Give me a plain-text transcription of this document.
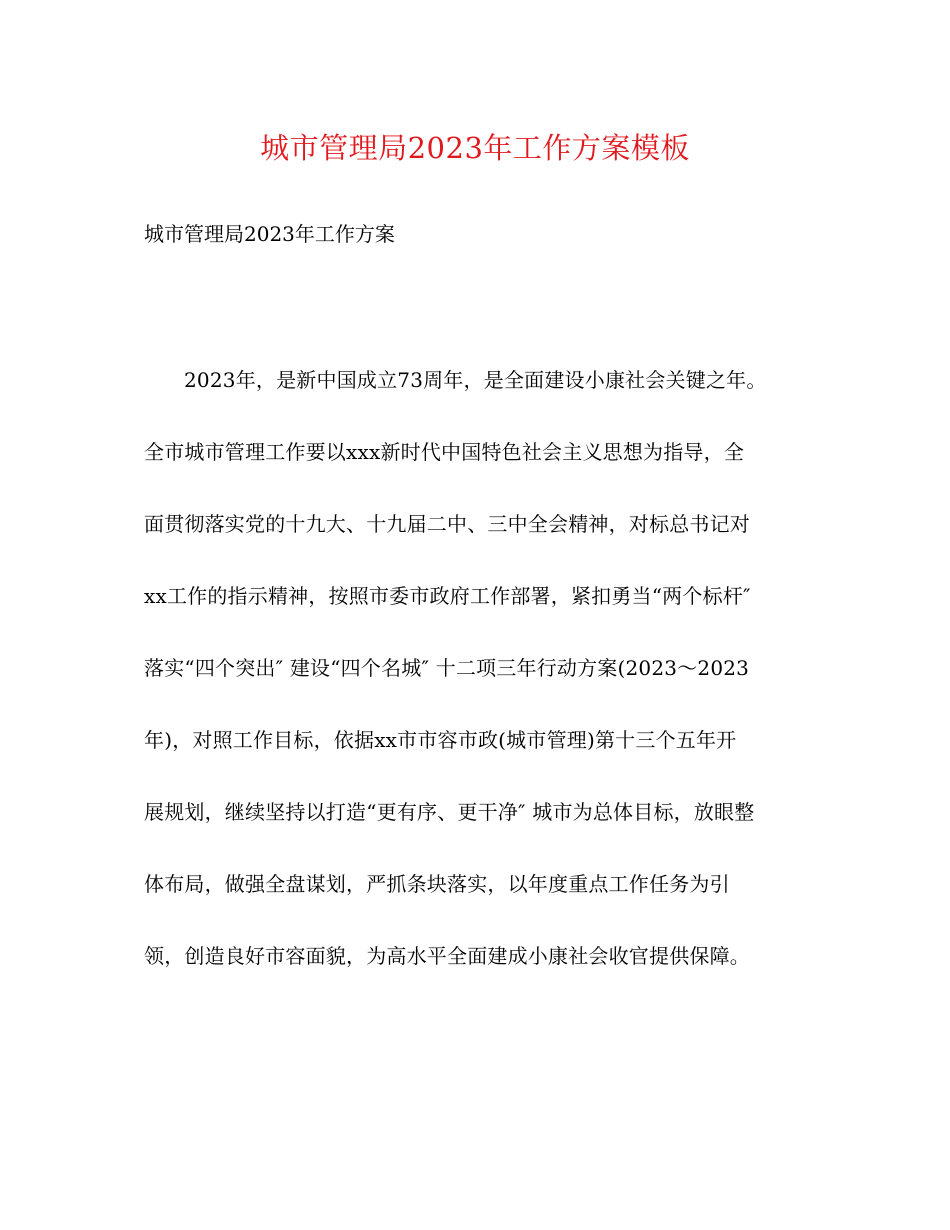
城市管理局2023年工作方案模板

城市管理局2023年工作方案

2023年，是新中国成立73周年，是全面建设小康社会关键之年。

全市城市管理工作要以xxx新时代中国特色社会主义思想为指导，全

面贯彻落实党的十九大、十九届二中、三中全会精神，对标总书记对

xx工作的指示精神，按照市委市政府工作部署，紧扣勇当“两个标杆″

落实“四个突出″ 建设“四个名城″ 十二项三年行动方案(2023～2023

年)，对照工作目标，依据xx市市容市政(城市管理)第十三个五年开

展规划，继续坚持以打造“更有序、更干净″ 城市为总体目标，放眼整

体布局，做强全盘谋划，严抓条块落实，以年度重点工作任务为引

领，创造良好市容面貌，为高水平全面建成小康社会收官提供保障。
